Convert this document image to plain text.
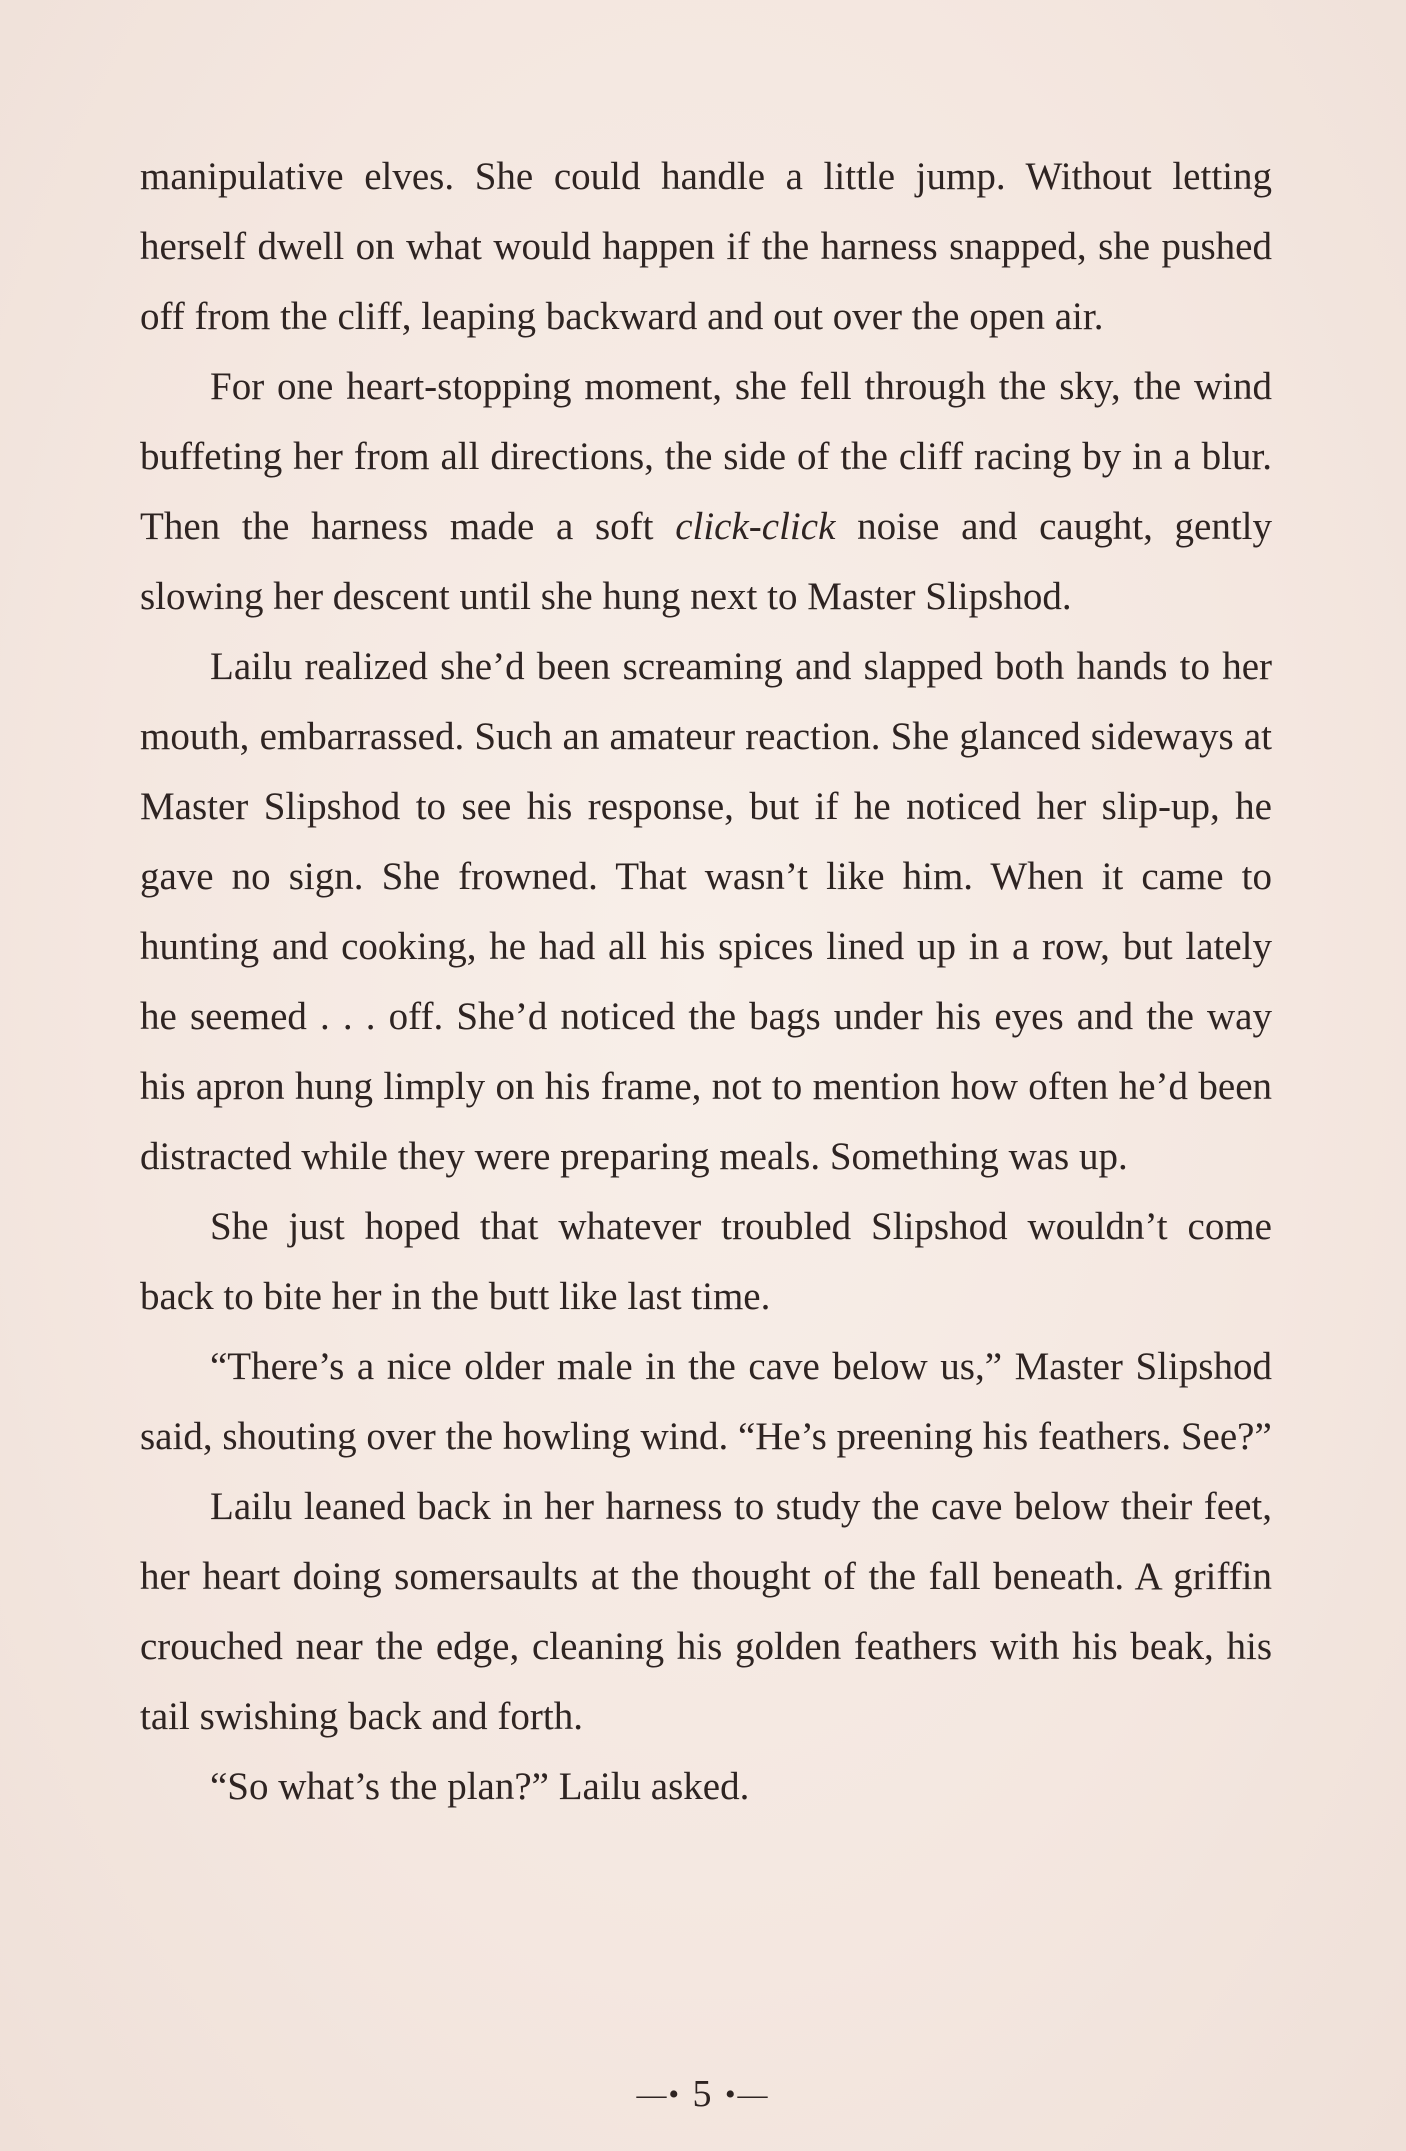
manipulative elves. She could handle a little jump. Without letting herself dwell on what would happen if the harness snapped, she pushed off from the cliff, leaping backward and out over the open air.

For one heart-stopping moment, she fell through the sky, the wind buffeting her from all directions, the side of the cliff racing by in a blur. Then the harness made a soft click-click noise and caught, gently slowing her descent until she hung next to Master Slipshod.

Lailu realized she’d been screaming and slapped both hands to her mouth, embarrassed. Such an amateur reaction. She glanced sideways at Master Slipshod to see his response, but if he noticed her slip-up, he gave no sign. She frowned. That wasn’t like him. When it came to hunting and cooking, he had all his spices lined up in a row, but lately he seemed . . . off. She’d noticed the bags under his eyes and the way his apron hung limply on his frame, not to mention how often he’d been distracted while they were preparing meals. Something was up.

She just hoped that whatever troubled Slipshod wouldn’t come back to bite her in the butt like last time.

“There’s a nice older male in the cave below us,” Master Slipshod said, shouting over the howling wind. “He’s preening his feathers. See?”

Lailu leaned back in her harness to study the cave below their feet, her heart doing somersaults at the thought of the fall beneath. A griffin crouched near the edge, cleaning his golden feathers with his beak, his tail swishing back and forth.

“So what’s the plan?” Lailu asked.

—• 5 •—
